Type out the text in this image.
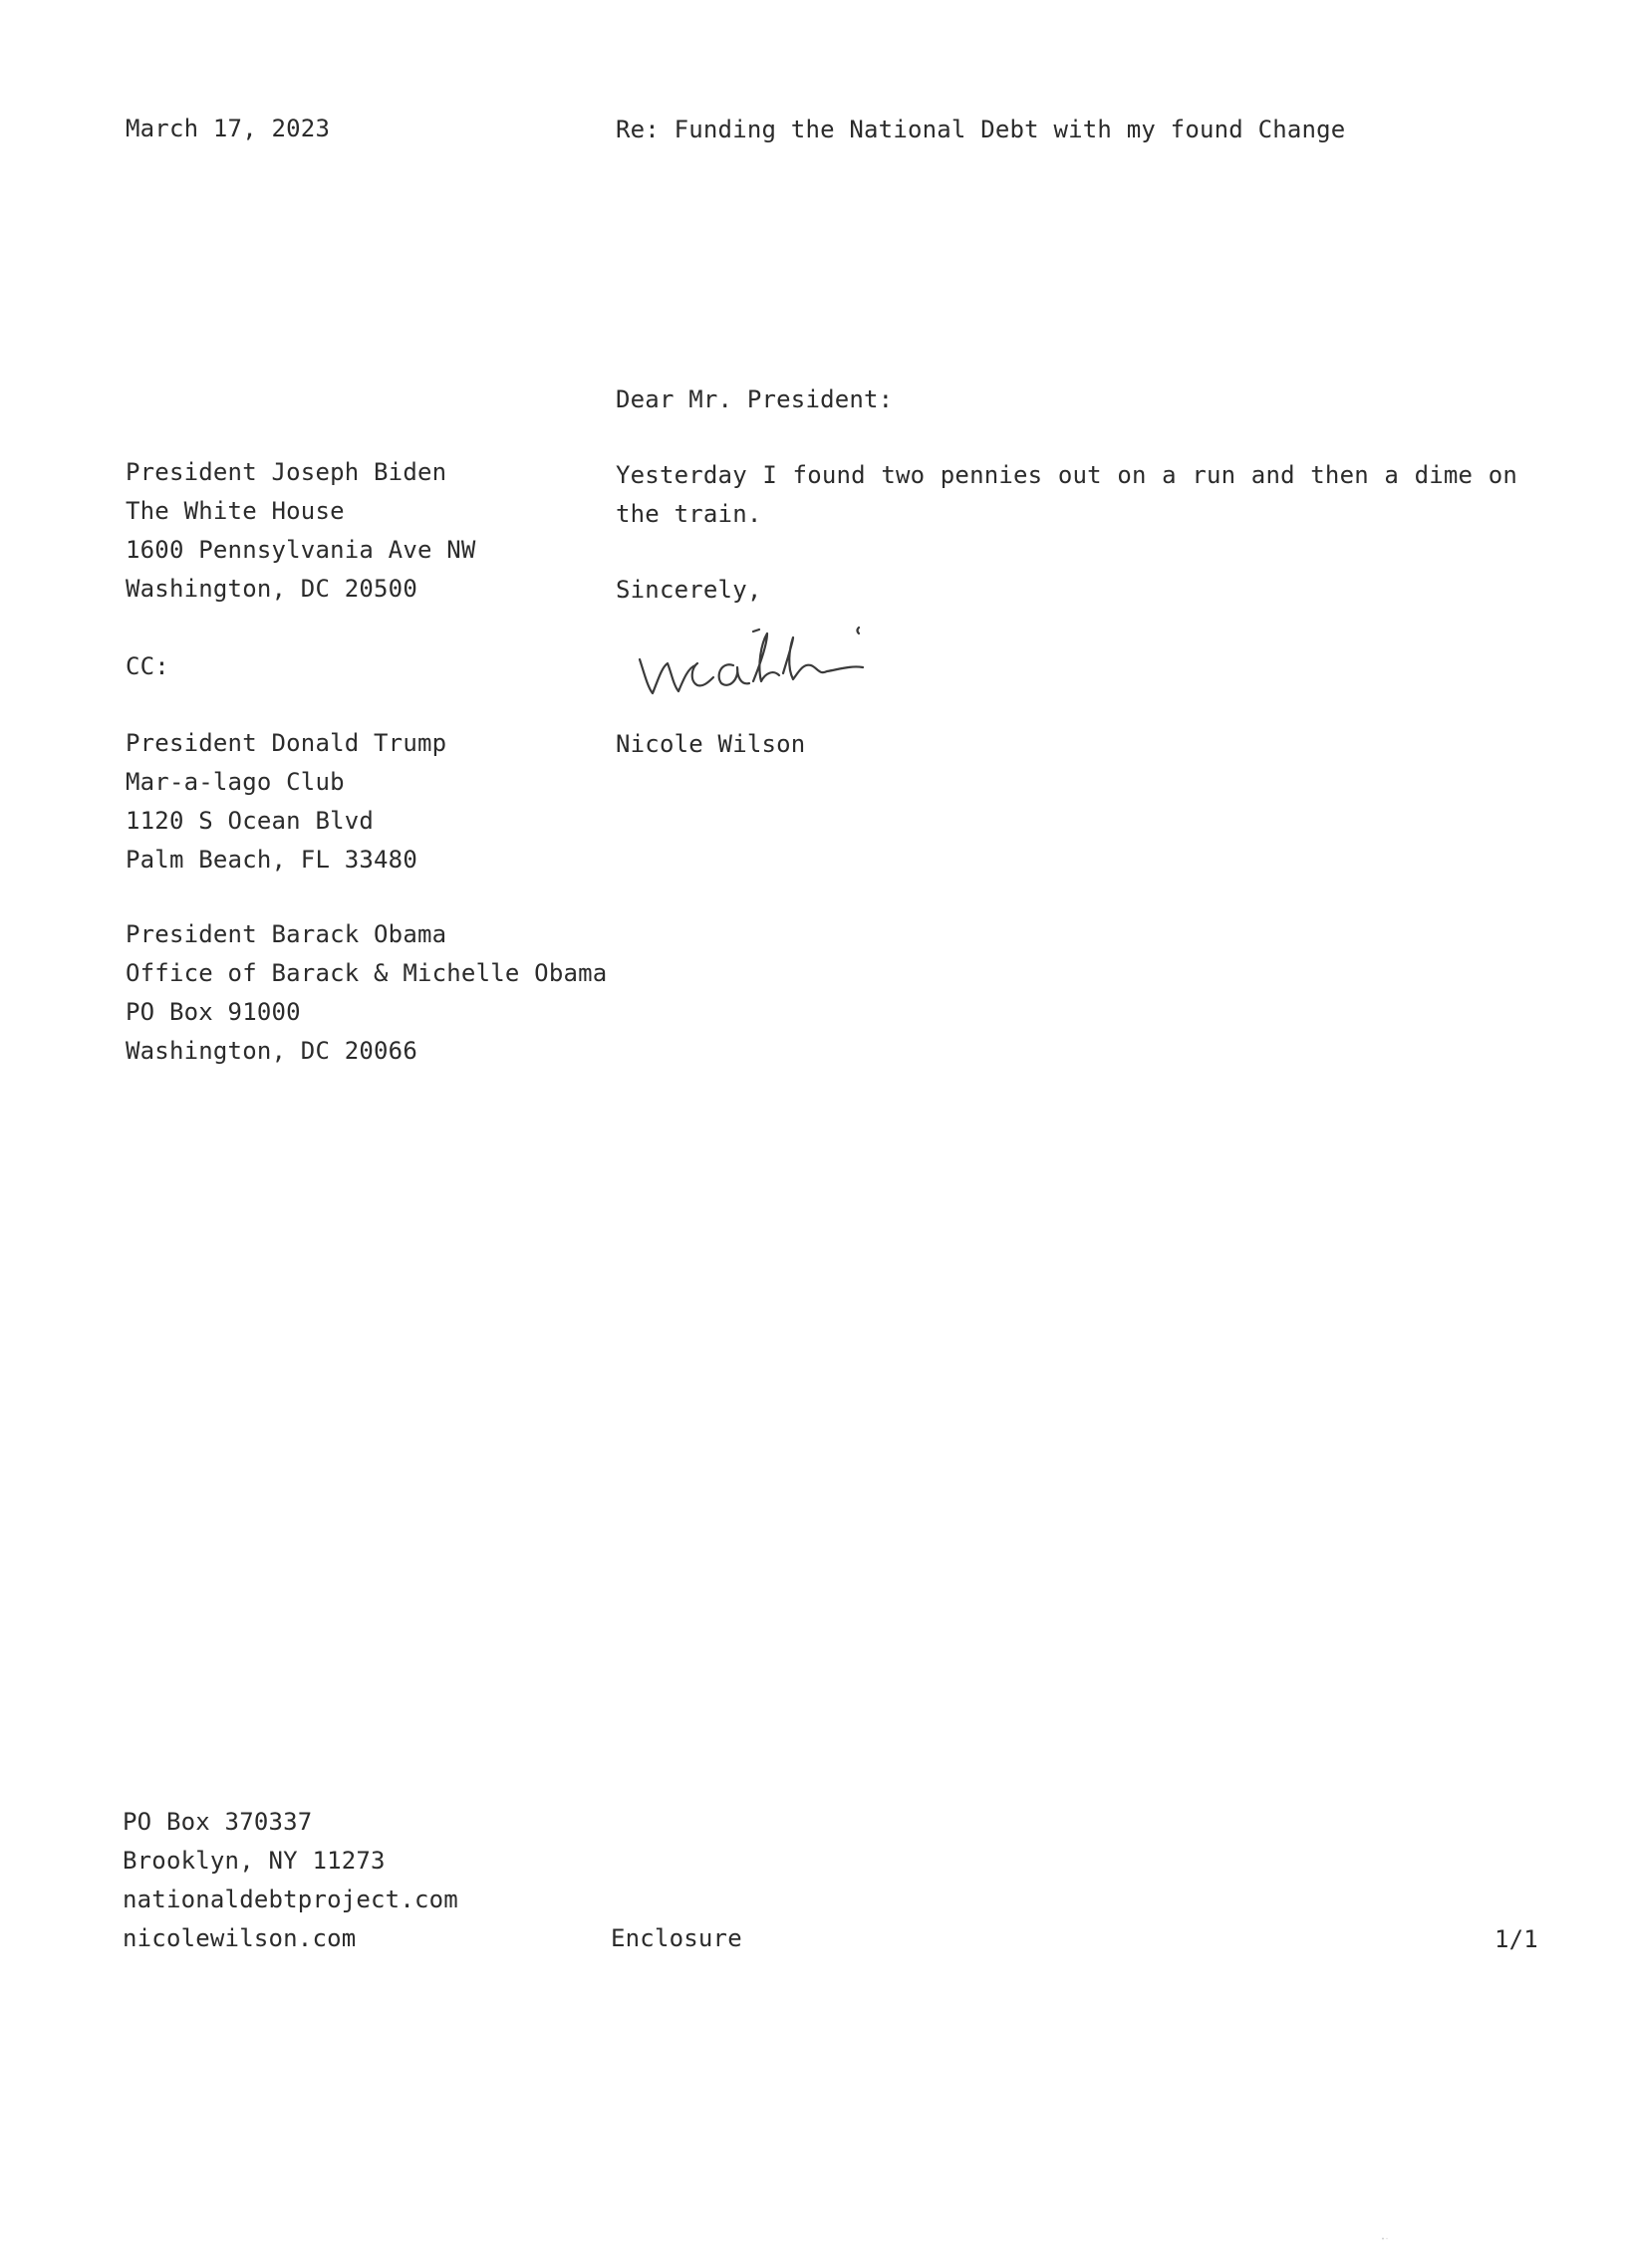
March 17, 2023	Re: Funding the National Debt with my found Change
Dear Mr. President:
President Joseph Biden
The White House
1600 Pennsylvania Ave NW
Washington, DC 20500
CC:
President Donald Trump
Mar-a-lago Club
1120 S Ocean Blvd
Palm Beach, FL 33480
President Barack Obama
Office of Barack & Michelle Obama
PO Box 91000
Washington, DC 20066
Yesterday I found two pennies out on a run and then a dime on the train.
Sincerely,
Nicole Wilson
PO Box 370337
Brooklyn, NY 11273
nationaldebtproject.com
nicolewilson.com	Enclosure	1/1
